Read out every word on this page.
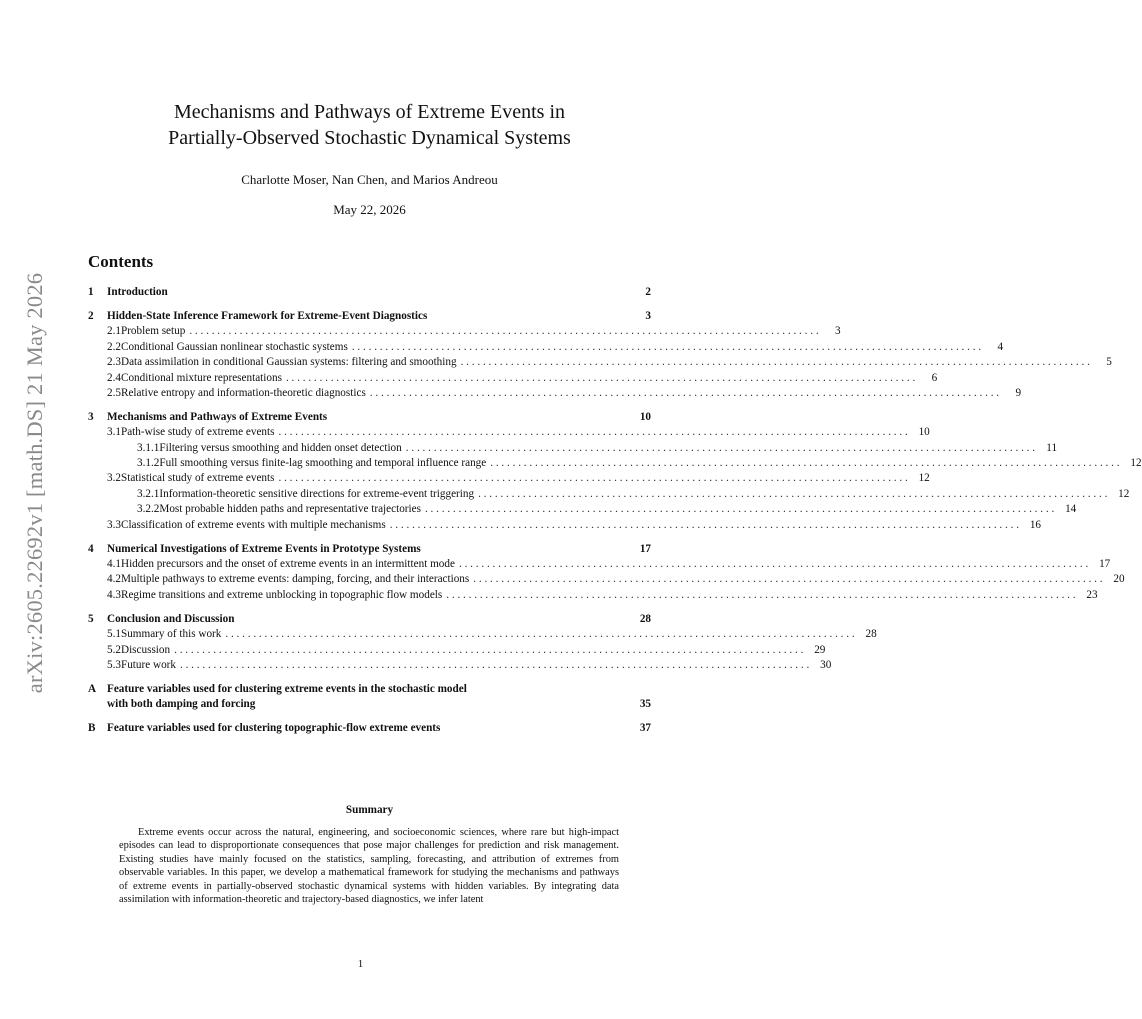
arXiv:2605.22692v1 [math.DS] 21 May 2026
Mechanisms and Pathways of Extreme Events in
Partially-Observed Stochastic Dynamical Systems
Charlotte Moser, Nan Chen, and Marios Andreou
May 22, 2026
Contents
1	Introduction	2
2	Hidden-State Inference Framework for Extreme-Event Diagnostics	3
2.1 Problem setup . . .	3
2.2 Conditional Gaussian nonlinear stochastic systems . . .	4
2.3 Data assimilation in conditional Gaussian systems: filtering and smoothing . . .	5
2.4 Conditional mixture representations . . .	6
2.5 Relative entropy and information-theoretic diagnostics . . .	9
3	Mechanisms and Pathways of Extreme Events	10
3.1 Path-wise study of extreme events . . .	10
3.1.1 Filtering versus smoothing and hidden onset detection . . .	11
3.1.2 Full smoothing versus finite-lag smoothing and temporal influence range . . .	12
3.2 Statistical study of extreme events . . .	12
3.2.1 Information-theoretic sensitive directions for extreme-event triggering . . .	12
3.2.2 Most probable hidden paths and representative trajectories . . .	14
3.3 Classification of extreme events with multiple mechanisms . . .	16
4	Numerical Investigations of Extreme Events in Prototype Systems	17
4.1 Hidden precursors and the onset of extreme events in an intermittent mode . . .	17
4.2 Multiple pathways to extreme events: damping, forcing, and their interactions . . .	20
4.3 Regime transitions and extreme unblocking in topographic flow models . . .	23
5	Conclusion and Discussion	28
5.1 Summary of this work . . .	28
5.2 Discussion . . .	29
5.3 Future work . . .	30
A Feature variables used for clustering extreme events in the stochastic model
with both damping and forcing	35
B	Feature variables used for clustering topographic-flow extreme events	37
Summary
Extreme events occur across the natural, engineering, and socioeconomic sciences, where rare but high-impact episodes can lead to disproportionate consequences that pose major challenges for prediction and risk management. Existing studies have mainly focused on the statistics, sampling, forecasting, and attribution of extremes from observable variables. In this paper, we develop a mathematical framework for studying the mechanisms and pathways of extreme events in partially-observed stochastic dynamical systems with hidden variables. By integrating data assimilation with information-theoretic and trajectory-based diagnostics, we infer latent
1
